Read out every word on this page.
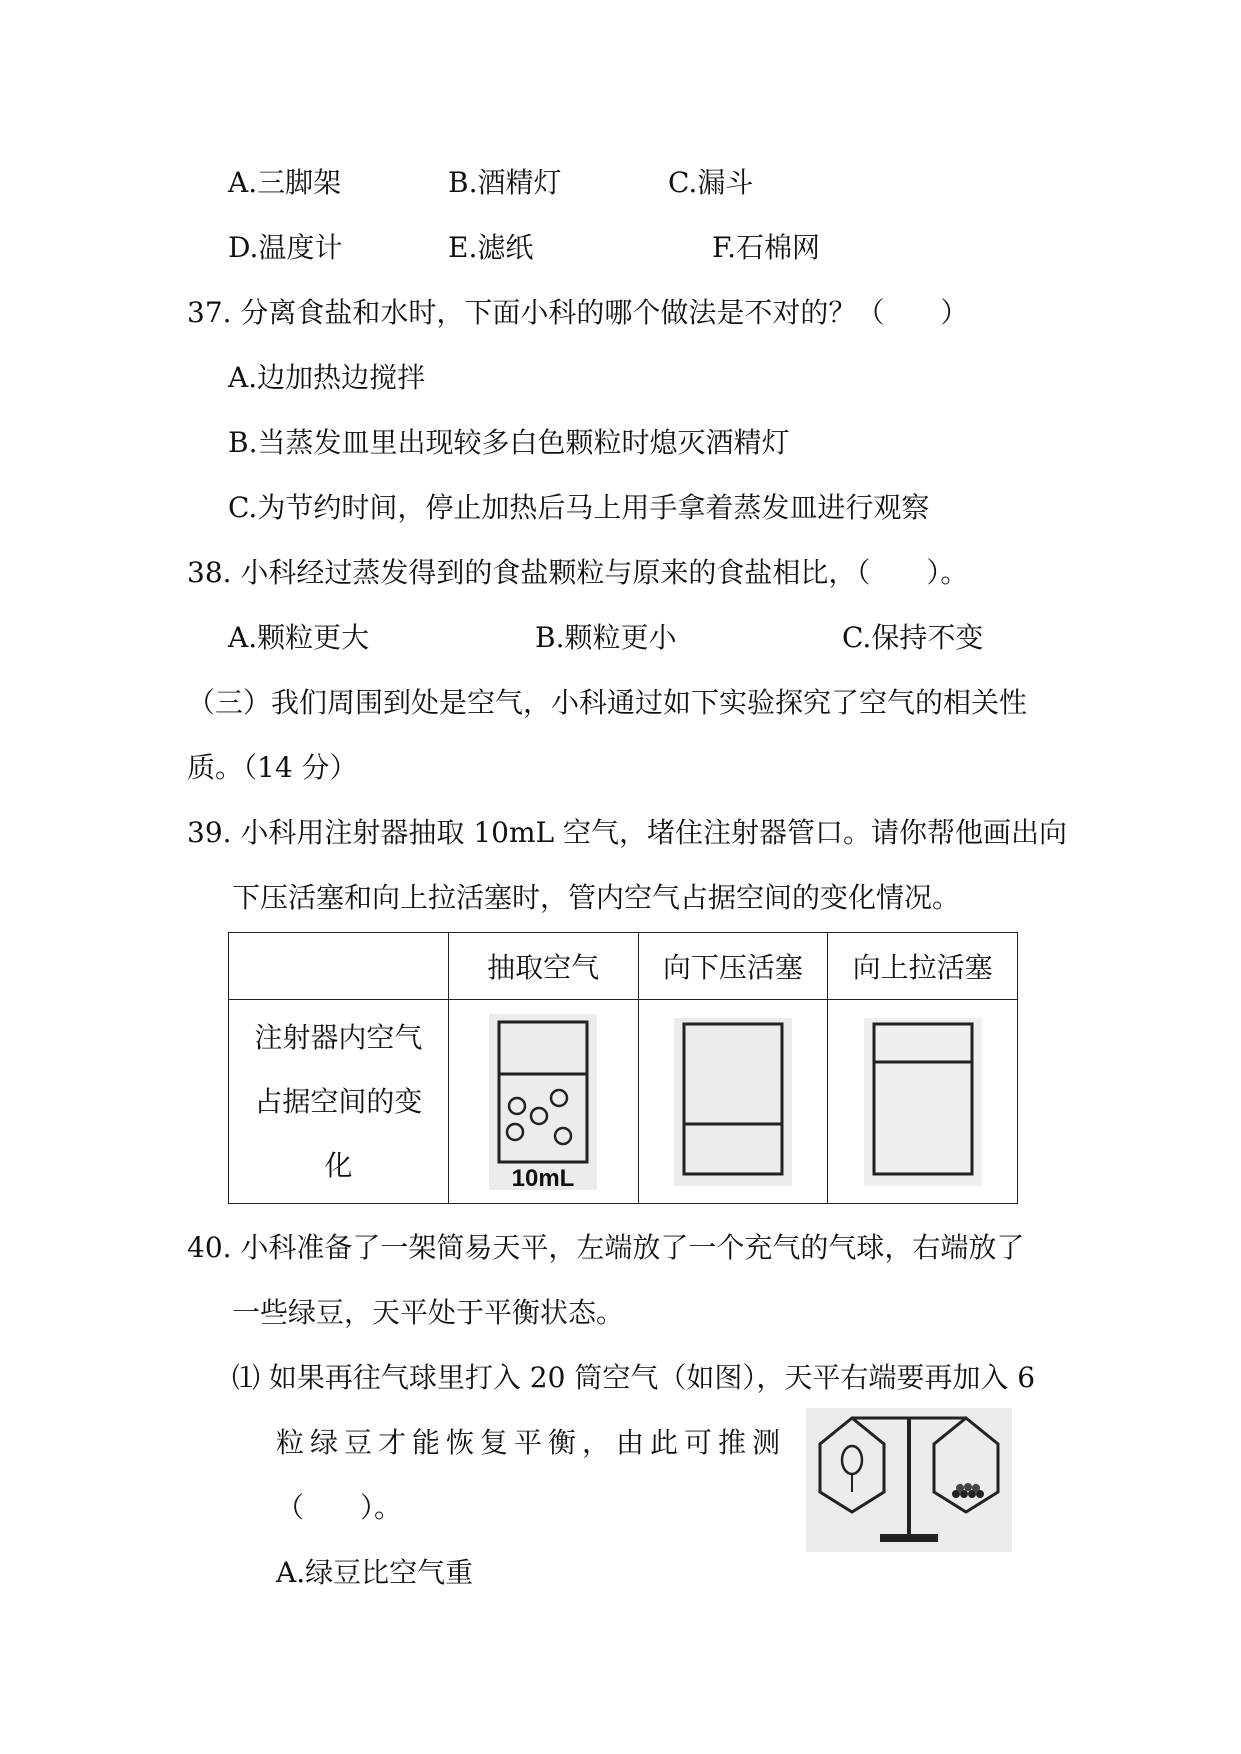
A.三脚架	B.酒精灯	C.漏斗
D.温度计	E.滤纸	F.石棉网
37. 分离食盐和水时，下面小科的哪个做法是不对的？（　　）
A.边加热边搅拌
B.当蒸发皿里出现较多白色颗粒时熄灭酒精灯
C.为节约时间，停止加热后马上用手拿着蒸发皿进行观察
38. 小科经过蒸发得到的食盐颗粒与原来的食盐相比，（　　）。
A.颗粒更大	B.颗粒更小	C.保持不变
（三）我们周围到处是空气，小科通过如下实验探究了空气的相关性
质。（14 分）
39. 小科用注射器抽取 10mL 空气，堵住注射器管口。请你帮他画出向
下压活塞和向上拉活塞时，管内空气占据空间的变化情况。
	抽取空气	向下压活塞	向上拉活塞

注射器内空气
占据空间的变
化	10mL

40. 小科准备了一架简易天平，左端放了一个充气的气球，右端放了
一些绿豆，天平处于平衡状态。
⑴ 如果再往气球里打入 20 筒空气（如图），天平右端要再加入 6
粒绿豆才能恢复平衡，由此可推测
（　　）。
A.绿豆比空气重
